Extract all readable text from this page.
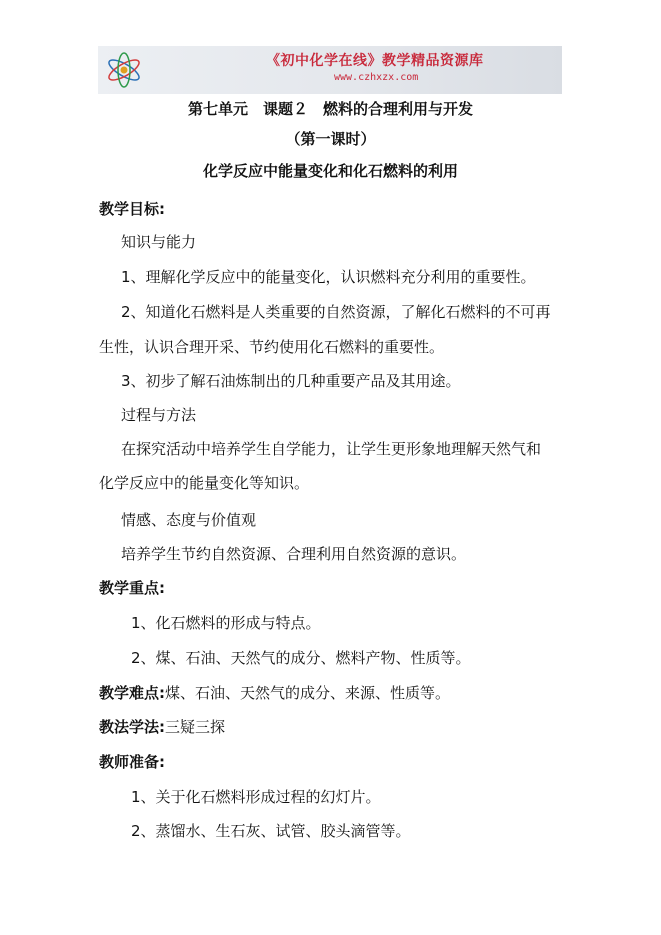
《初中化学在线》教学精品资源库
www.czhxzx.com
第七单元　课题２　燃料的合理利用与开发
（第一课时）
化学反应中能量变化和化石燃料的利用
教学目标:
知识与能力
1、理解化学反应中的能量变化，认识燃料充分利用的重要性。
2、知道化石燃料是人类重要的自然资源，了解化石燃料的不可再
生性，认识合理开采、节约使用化石燃料的重要性。
3、初步了解石油炼制出的几种重要产品及其用途。
过程与方法
在探究活动中培养学生自学能力，让学生更形象地理解天然气和
化学反应中的能量变化等知识。
情感、态度与价值观
培养学生节约自然资源、合理利用自然资源的意识。
教学重点:
1、化石燃料的形成与特点。
2、煤、石油、天然气的成分、燃料产物、性质等。
教学难点:煤、石油、天然气的成分、来源、性质等。
教法学法:三疑三探
教师准备:
1、关于化石燃料形成过程的幻灯片。
2、蒸馏水、生石灰、试管、胶头滴管等。
